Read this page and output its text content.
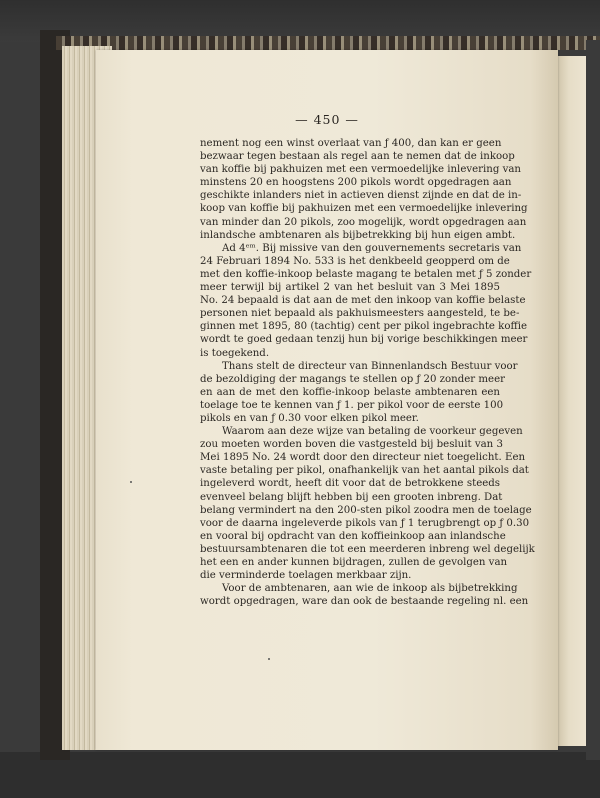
— 450 —

nement nog een winst overlaat van ƒ 400, dan kan er geen
bezwaar tegen bestaan als regel aan te nemen dat de inkoop
van koffie bij pakhuizen met een vermoedelijke inlevering van
minstens 20 en hoogstens 200 pikols wordt opgedragen aan
geschikte inlanders niet in actieven dienst zijnde en dat de in-
koop van koffie bij pakhuizen met een vermoedelijke inlevering
van minder dan 20 pikols, zoo mogelijk, wordt opgedragen aan
inlandsche ambtenaren als bijbetrekking bij hun eigen ambt.

Ad 4ᵉᵐ. Bij missive van den gouvernements secretaris van
24 Februari 1894 No. 533 is het denkbeeld geopperd om de
met den koffie-inkoop belaste magang te betalen met ƒ 5 zonder
meer terwijl bij artikel 2 van het besluit van 3 Mei 1895
No. 24 bepaald is dat aan de met den inkoop van koffie belaste
personen niet bepaald als pakhuismeesters aangesteld, te be-
ginnen met 1895, 80 (tachtig) cent per pikol ingebrachte koffie
wordt te goed gedaan tenzij hun bij vorige beschikkingen meer
is toegekend.

Thans stelt de directeur van Binnenlandsch Bestuur voor
de bezoldiging der magangs te stellen op ƒ 20 zonder meer
en aan de met den koffie-inkoop belaste ambtenaren een
toelage toe te kennen van ƒ 1. per pikol voor de eerste 100
pikols en van ƒ 0.30 voor elken pikol meer.

Waarom aan deze wijze van betaling de voorkeur gegeven
zou moeten worden boven die vastgesteld bij besluit van 3
Mei 1895 No. 24 wordt door den directeur niet toegelicht. Een
vaste betaling per pikol, onafhankelijk van het aantal pikols dat
ingeleverd wordt, heeft dit voor dat de betrokkene steeds
evenveel belang blijft hebben bij een grooten inbreng. Dat
belang vermindert na den 200-sten pikol zoodra men de toelage
voor de daarna ingeleverde pikols van ƒ 1 terugbrengt op ƒ 0.30
en vooral bij opdracht van den koffieinkoop aan inlandsche
bestuursambtenaren die tot een meerderen inbreng wel degelijk
het een en ander kunnen bijdragen, zullen de gevolgen van
die verminderde toelagen merkbaar zijn.

Voor de ambtenaren, aan wie de inkoop als bijbetrekking
wordt opgedragen, ware dan ook de bestaande regeling nl. een
